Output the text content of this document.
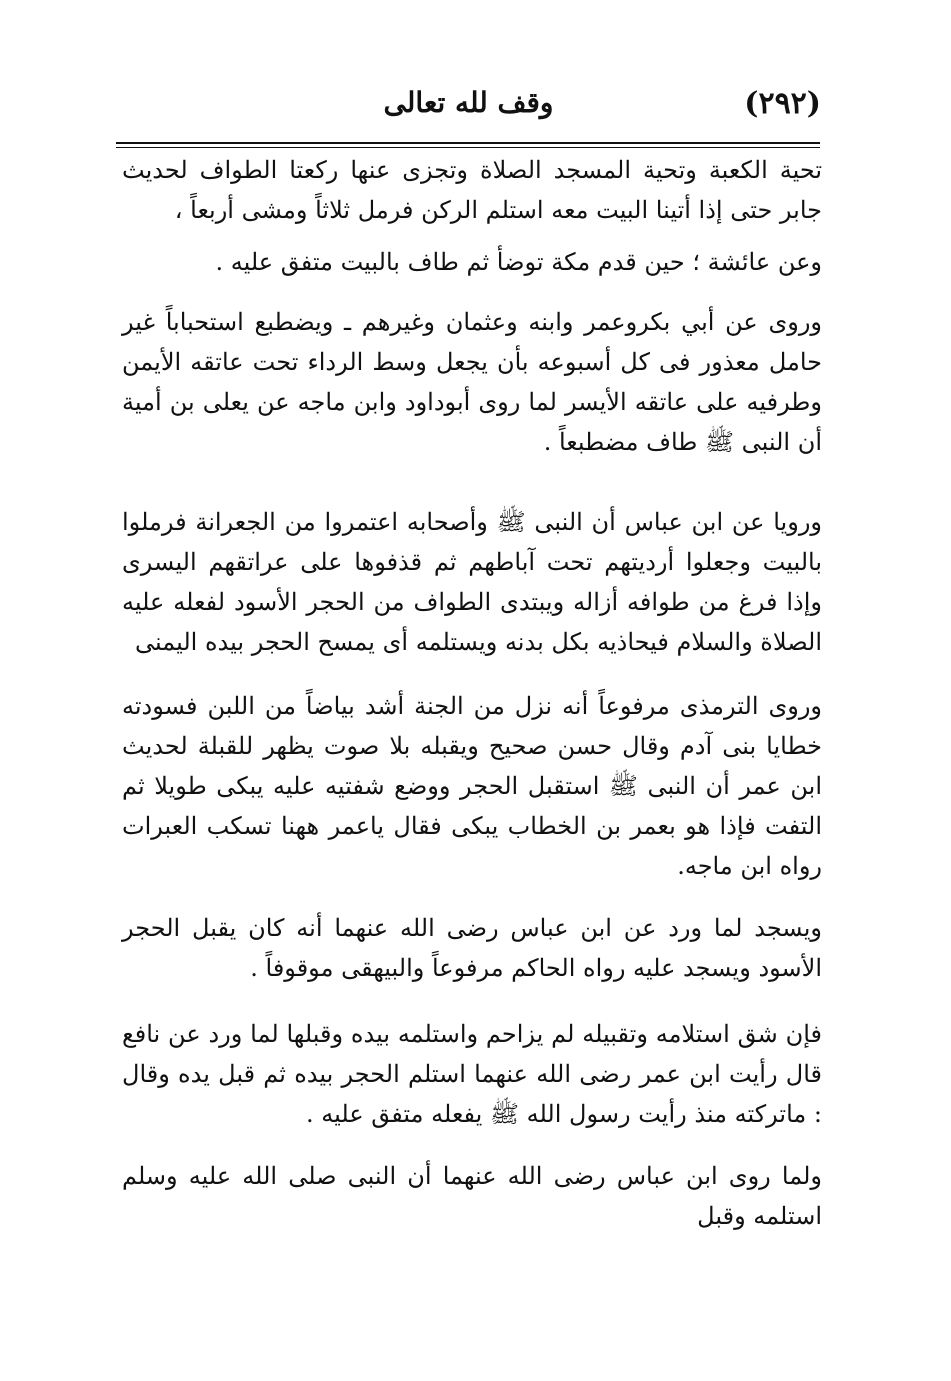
(٢٩٢)
وقف لله تعالى

تحية الكعبة وتحية المسجد الصلاة وتجزى عنها ركعتا الطواف لحديث جابر حتى إذا أتينا البيت معه استلم الركن فرمل ثلاثاً ومشى أربعاً ،

وعن عائشة ؛ حين قدم مكة توضأ ثم طاف بالبيت متفق عليه .

وروى عن أبي بكروعمر وابنه وعثمان وغيرهم ـ ويضطبع استحباباً غير حامل معذور فى كل أسبوعه بأن يجعل وسط الرداء تحت عاتقه الأيمن وطرفيه على عاتقه الأيسر لما روى أبوداود وابن ماجه عن يعلى بن أمية أن النبى ﷺ طاف مضطبعاً .

ورويا عن ابن عباس أن النبى ﷺ وأصحابه اعتمروا من الجعرانة فرملوا بالبيت وجعلوا أرديتهم تحت آباطهم ثم قذفوها على عراتقهم اليسرى وإذا فرغ من طوافه أزاله ويبتدى الطواف من الحجر الأسود لفعله عليه الصلاة والسلام فيحاذيه بكل بدنه ويستلمه أى يمسح الحجر بيده اليمنى

وروى الترمذى مرفوعاً أنه نزل من الجنة أشد بياضاً من اللبن فسودته خطايا بنى آدم وقال حسن صحيح ويقبله بلا صوت يظهر للقبلة لحديث ابن عمر أن النبى ﷺ استقبل الحجر ووضع شفتيه عليه يبكى طويلا ثم التفت فإذا هو بعمر بن الخطاب يبكى فقال ياعمر ههنا تسكب العبرات رواه ابن ماجه.

ويسجد لما ورد عن ابن عباس رضى الله عنهما أنه كان يقبل الحجر الأسود ويسجد عليه رواه الحاكم مرفوعاً والبيهقى موقوفاً .

فإن شق استلامه وتقبيله لم يزاحم واستلمه بيده وقبلها لما ورد عن نافع قال رأيت ابن عمر رضى الله عنهما استلم الحجر بيده ثم قبل يده وقال : ماتركته منذ رأيت رسول الله ﷺ يفعله متفق عليه .

ولما روى ابن عباس رضى الله عنهما أن النبى صلى الله عليه وسلم استلمه وقبل
